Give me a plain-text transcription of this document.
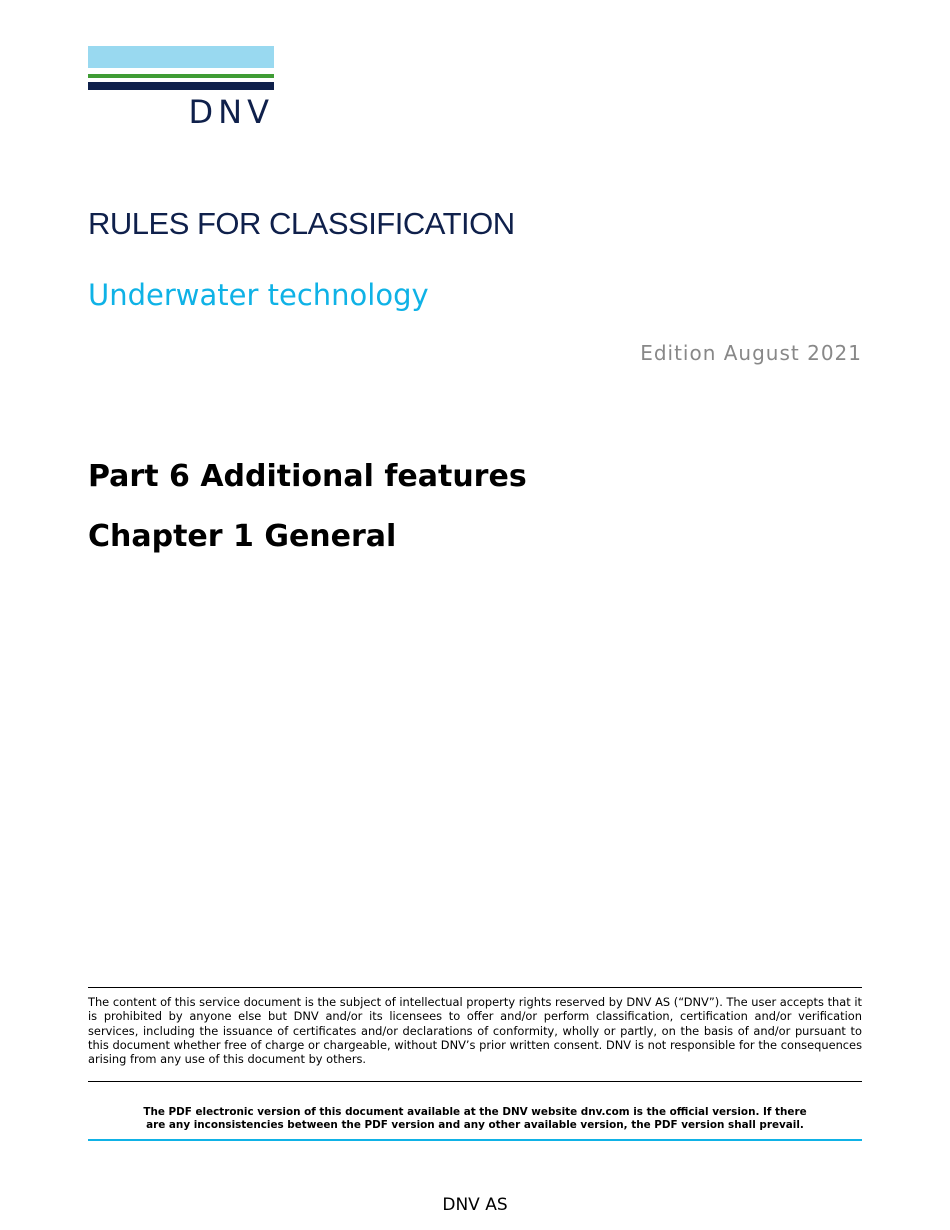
DNV
RULES FOR CLASSIFICATION
Underwater technology
Edition August 2021
Part 6 Additional features
Chapter 1 General
The content of this service document is the subject of intellectual property rights reserved by DNV AS (“DNV”). The user accepts that it is prohibited by anyone else but DNV and/or its licensees to offer and/or perform classification, certification and/or verification services, including the issuance of certificates and/or declarations of conformity, wholly or partly, on the basis of and/or pursuant to this document whether free of charge or chargeable, without DNV’s prior written consent. DNV is not responsible for the consequences arising from any use of this document by others.
The PDF electronic version of this document available at the DNV website dnv.com is the official version. If there
are any inconsistencies between the PDF version and any other available version, the PDF version shall prevail.
DNV AS
